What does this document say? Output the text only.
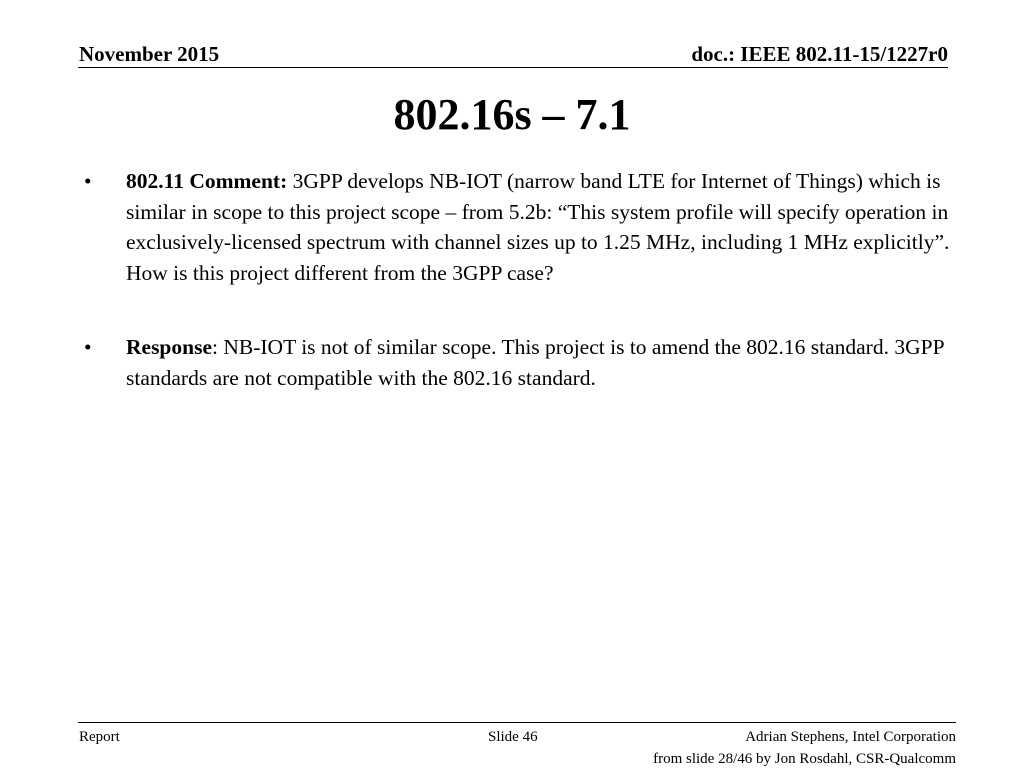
November 2015	doc.: IEEE 802.11-15/1227r0
802.16s – 7.1
• 802.11 Comment: 3GPP develops NB-IOT (narrow band LTE for Internet of Things) which is similar in scope to this project scope – from 5.2b: “This system profile will specify operation in exclusively-licensed spectrum with channel sizes up to 1.25 MHz, including 1 MHz explicitly”. How is this project different from the 3GPP case?
• Response: NB-IOT is not of similar scope. This project is to amend the 802.16 standard. 3GPP standards are not compatible with the 802.16 standard.
Report	Slide 46	Adrian Stephens, Intel Corporation
from slide 28/46 by Jon Rosdahl, CSR-Qualcomm
